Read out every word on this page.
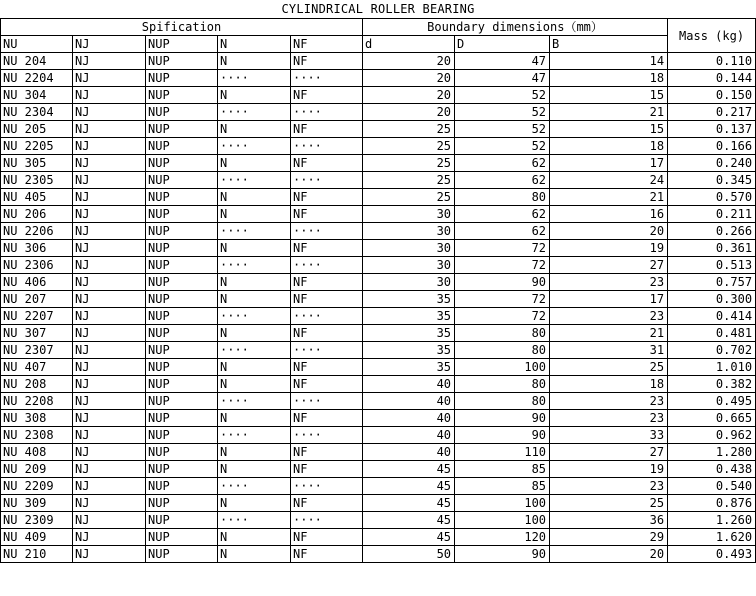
CYLINDRICAL ROLLER BEARING
Spification					Boundary dimensions（mm）			Mass (kg)
NU	NJ	NUP	N	NF	d	D	B	
NU 204	NJ	NUP	N	NF	20	47	14	0.110
NU 2204	NJ	NUP	····	····	20	47	18	0.144
NU 304	NJ	NUP	N	NF	20	52	15	0.150
NU 2304	NJ	NUP	····	····	20	52	21	0.217
NU 205	NJ	NUP	N	NF	25	52	15	0.137
NU 2205	NJ	NUP	····	····	25	52	18	0.166
NU 305	NJ	NUP	N	NF	25	62	17	0.240
NU 2305	NJ	NUP	····	····	25	62	24	0.345
NU 405	NJ	NUP	N	NF	25	80	21	0.570
NU 206	NJ	NUP	N	NF	30	62	16	0.211
NU 2206	NJ	NUP	····	····	30	62	20	0.266
NU 306	NJ	NUP	N	NF	30	72	19	0.361
NU 2306	NJ	NUP	····	····	30	72	27	0.513
NU 406	NJ	NUP	N	NF	30	90	23	0.757
NU 207	NJ	NUP	N	NF	35	72	17	0.300
NU 2207	NJ	NUP	····	····	35	72	23	0.414
NU 307	NJ	NUP	N	NF	35	80	21	0.481
NU 2307	NJ	NUP	····	····	35	80	31	0.702
NU 407	NJ	NUP	N	NF	35	100	25	1.010
NU 208	NJ	NUP	N	NF	40	80	18	0.382
NU 2208	NJ	NUP	····	····	40	80	23	0.495
NU 308	NJ	NUP	N	NF	40	90	23	0.665
NU 2308	NJ	NUP	····	····	40	90	33	0.962
NU 408	NJ	NUP	N	NF	40	110	27	1.280
NU 209	NJ	NUP	N	NF	45	85	19	0.438
NU 2209	NJ	NUP	····	····	45	85	23	0.540
NU 309	NJ	NUP	N	NF	45	100	25	0.876
NU 2309	NJ	NUP	····	····	45	100	36	1.260
NU 409	NJ	NUP	N	NF	45	120	29	1.620
NU 210	NJ	NUP	N	NF	50	90	20	0.493
